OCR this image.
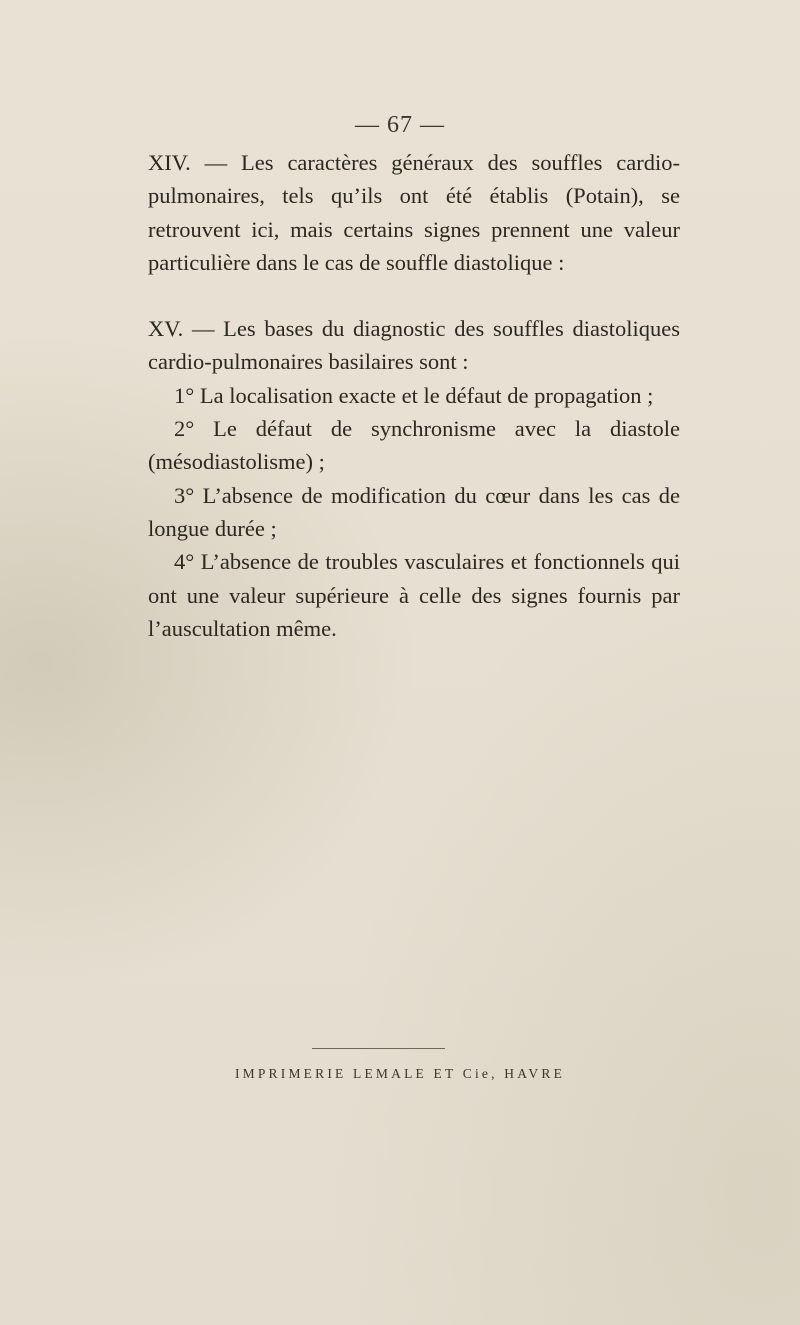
— 67 —

XIV. — Les caractères généraux des souffles cardio-pulmonaires, tels qu’ils ont été établis (Potain), se retrouvent ici, mais certains signes prennent une valeur particulière dans le cas de souffle diastolique :

XV. — Les bases du diagnostic des souffles diastoliques cardio-pulmonaires basilaires sont :

1° La localisation exacte et le défaut de propagation ;

2° Le défaut de synchronisme avec la diastole (mésodiastolisme) ;

3° L’absence de modification du cœur dans les cas de longue durée ;

4° L’absence de troubles vasculaires et fonctionnels qui ont une valeur supérieure à celle des signes fournis par l’auscultation même.

IMPRIMERIE LEMALE ET Cie, HAVRE
